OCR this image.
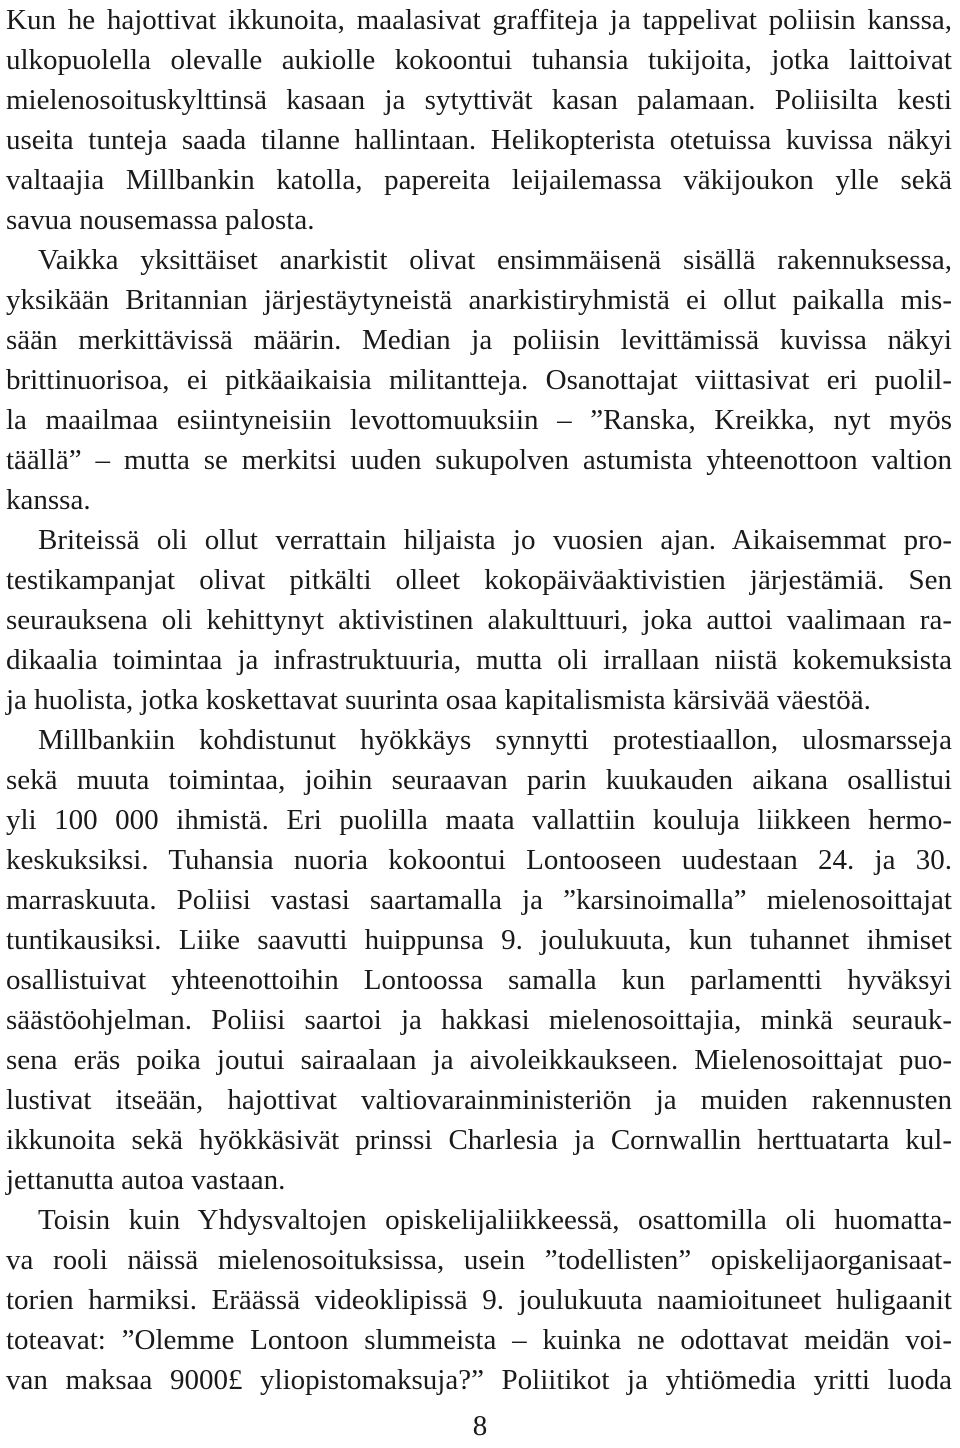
Kun he hajottivat ikkunoita, maalasivat graffiteja ja tappelivat poliisin kanssa,
ulkopuolella olevalle aukiolle kokoontui tuhansia tukijoita, jotka laittoivat
mielenosoituskylttinsä kasaan ja sytyttivät kasan palamaan. Poliisilta kesti
useita tunteja saada tilanne hallintaan. Helikopterista otetuissa kuvissa näkyi
valtaajia Millbankin katolla, papereita leijailemassa väkijoukon ylle sekä
savua nousemassa palosta.
Vaikka yksittäiset anarkistit olivat ensimmäisenä sisällä rakennuksessa,
yksikään Britannian järjestäytyneistä anarkistiryhmistä ei ollut paikalla mis-
sään merkittävissä määrin. Median ja poliisin levittämissä kuvissa näkyi
brittinuorisoa, ei pitkäaikaisia militantteja. Osanottajat viittasivat eri puolil-
la maailmaa esiintyneisiin levottomuuksiin – ”Ranska, Kreikka, nyt myös
täällä” – mutta se merkitsi uuden sukupolven astumista yhteenottoon valtion
kanssa.
Briteissä oli ollut verrattain hiljaista jo vuosien ajan. Aikaisemmat pro-
testikampanjat olivat pitkälti olleet kokopäiväaktivistien järjestämiä. Sen
seurauksena oli kehittynyt aktivistinen alakulttuuri, joka auttoi vaalimaan ra-
dikaalia toimintaa ja infrastruktuuria, mutta oli irrallaan niistä kokemuksista
ja huolista, jotka koskettavat suurinta osaa kapitalismista kärsivää väestöä.
Millbankiin kohdistunut hyökkäys synnytti protestiaallon, ulosmarsseja
sekä muuta toimintaa, joihin seuraavan parin kuukauden aikana osallistui
yli 100 000 ihmistä. Eri puolilla maata vallattiin kouluja liikkeen hermo-
keskuksiksi. Tuhansia nuoria kokoontui Lontooseen uudestaan 24. ja 30.
marraskuuta. Poliisi vastasi saartamalla ja ”karsinoimalla” mielenosoittajat
tuntikausiksi. Liike saavutti huippunsa 9. joulukuuta, kun tuhannet ihmiset
osallistuivat yhteenottoihin Lontoossa samalla kun parlamentti hyväksyi
säästöohjelman. Poliisi saartoi ja hakkasi mielenosoittajia, minkä seurauk-
sena eräs poika joutui sairaalaan ja aivoleikkaukseen. Mielenosoittajat puo-
lustivat itseään, hajottivat valtiovarainministeriön ja muiden rakennusten
ikkunoita sekä hyökkäsivät prinssi Charlesia ja Cornwallin herttuatarta kul-
jettanutta autoa vastaan.
Toisin kuin Yhdysvaltojen opiskelijaliikkeessä, osattomilla oli huomatta-
va rooli näissä mielenosoituksissa, usein ”todellisten” opiskelijaorganisaat-
torien harmiksi. Eräässä videoklipissä 9. joulukuuta naamioituneet huligaanit
toteavat: ”Olemme Lontoon slummeista – kuinka ne odottavat meidän voi-
van maksaa 9000£ yliopistomaksuja?” Poliitikot ja yhtiömedia yritti luoda
8
